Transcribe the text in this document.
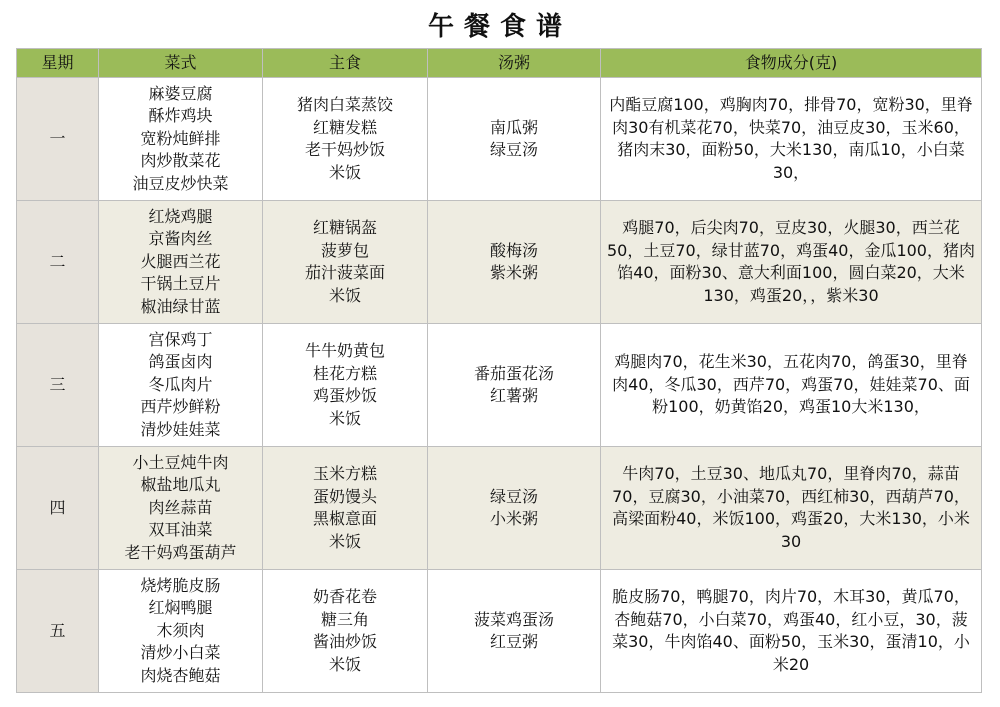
午餐食谱
星期	菜式	主食	汤粥	食物成分(克)
一	麻婆豆腐
酥炸鸡块
宽粉炖鲜排
肉炒散菜花
油豆皮炒快菜	猪肉白菜蒸饺
红糖发糕
老干妈炒饭
米饭	南瓜粥
绿豆汤	内酯豆腐100，鸡胸肉70，排骨70，宽粉30，里脊肉30有机菜花70，快菜70，油豆皮30，玉米60，猪肉末30，面粉50，大米130，南瓜10，小白菜30，
二	红烧鸡腿
京酱肉丝
火腿西兰花
干锅土豆片
椒油绿甘蓝	红糖锅盔
菠萝包
茄汁菠菜面
米饭	酸梅汤
紫米粥	鸡腿70，后尖肉70，豆皮30，火腿30，西兰花50，土豆70，绿甘蓝70，鸡蛋40，金瓜100，猪肉馅40，面粉30、意大利面100，圆白菜20，大米130，鸡蛋20，，紫米30
三	宫保鸡丁
鸽蛋卤肉
冬瓜肉片
西芹炒鲜粉
清炒娃娃菜	牛牛奶黄包
桂花方糕
鸡蛋炒饭
米饭	番茄蛋花汤
红薯粥	鸡腿肉70，花生米30，五花肉70，鸽蛋30，里脊肉40，冬瓜30，西芹70，鸡蛋70，娃娃菜70、面粉100，奶黄馅20，鸡蛋10大米130，
四	小土豆炖牛肉
椒盐地瓜丸
肉丝蒜苗
双耳油菜
老干妈鸡蛋葫芦	玉米方糕
蛋奶馒头
黑椒意面
米饭	绿豆汤
小米粥	牛肉70，土豆30、地瓜丸70，里脊肉70，蒜苗70，豆腐30，小油菜70，西红柿30，西葫芦70，高梁面粉40，米饭100，鸡蛋20，大米130，小米30
五	烧烤脆皮肠
红焖鸭腿
木须肉
清炒小白菜
肉烧杏鲍菇	奶香花卷
糖三角
酱油炒饭
米饭	菠菜鸡蛋汤
红豆粥	脆皮肠70，鸭腿70，肉片70，木耳30，黄瓜70，杏鲍菇70，小白菜70，鸡蛋40，红小豆，30，菠菜30，牛肉馅40、面粉50，玉米30，蛋清10，小米20
